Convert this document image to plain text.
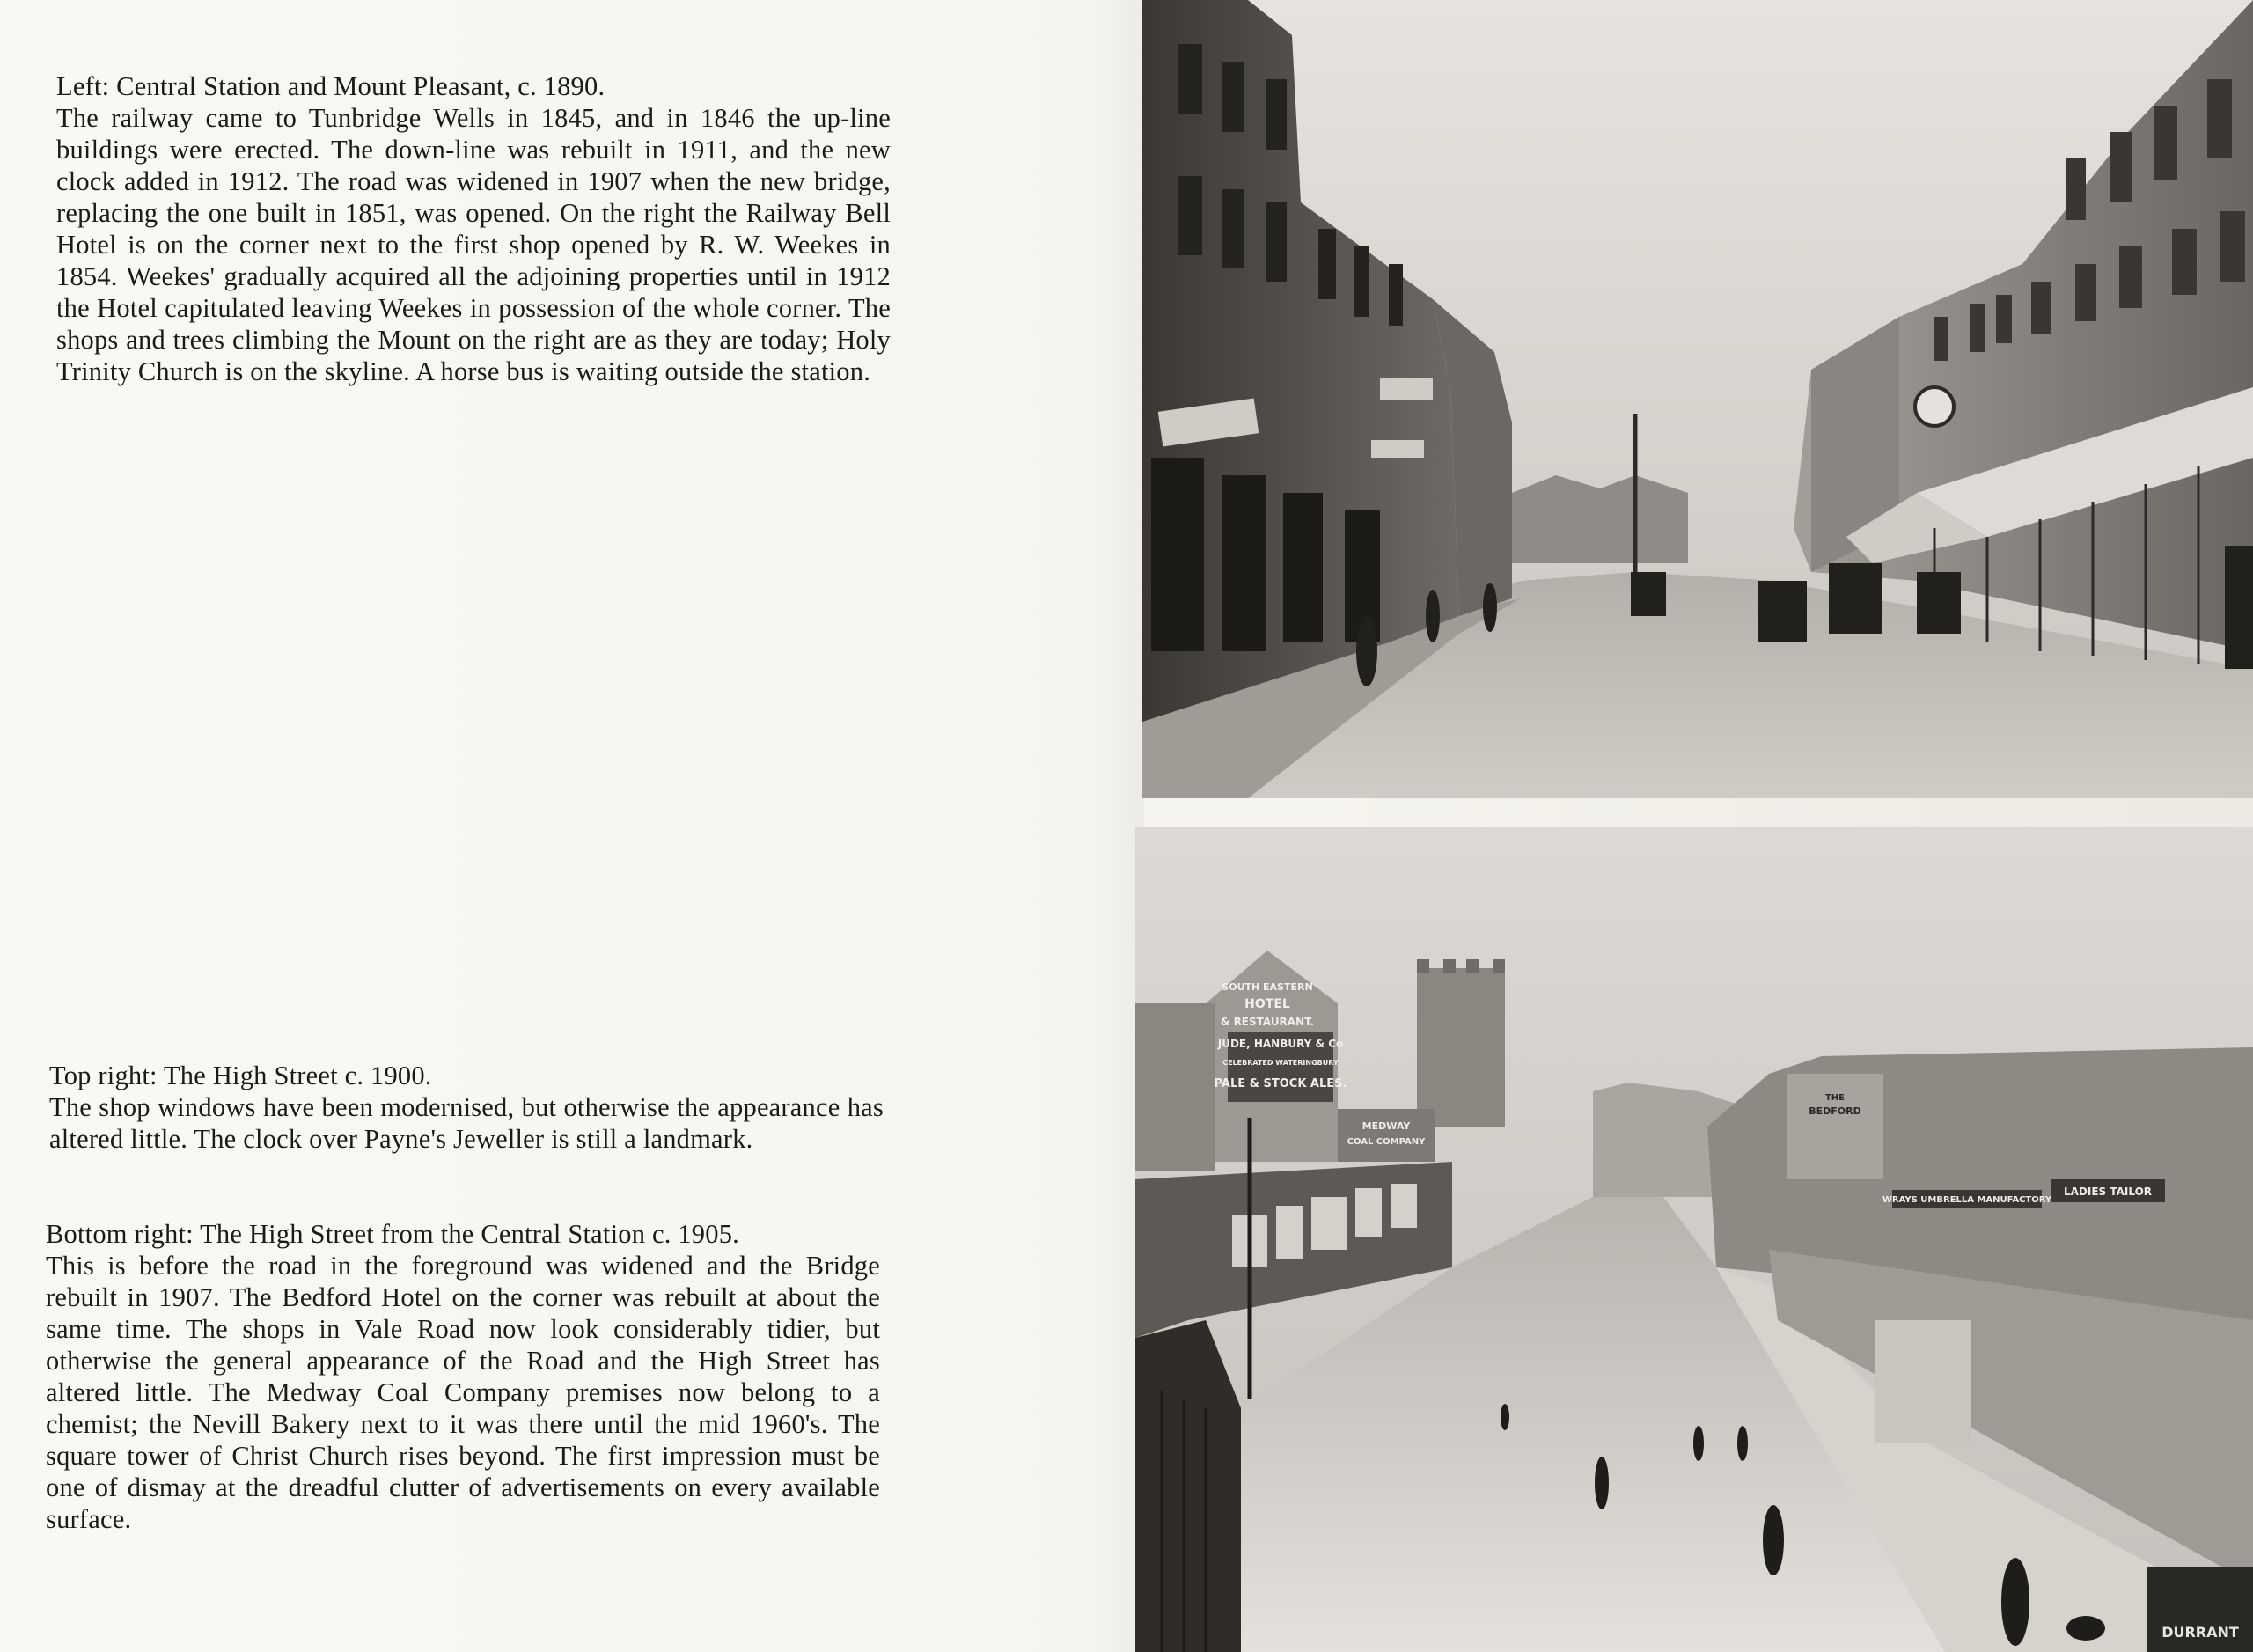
Left: Central Station and Mount Pleasant, c. 1890.
The railway came to Tunbridge Wells in 1845, and in 1846 the up-line buildings were erected. The down-line was rebuilt in 1911, and the new clock added in 1912. The road was widened in 1907 when the new bridge, replacing the one built in 1851, was opened. On the right the Railway Bell Hotel is on the corner next to the first shop opened by R. W. Weekes in 1854. Weekes' gradually acquired all the adjoining properties until in 1912 the Hotel capitulated leaving Weekes in possession of the whole corner. The shops and trees climbing the Mount on the right are as they are today; Holy Trinity Church is on the skyline. A horse bus is waiting outside the station.

Top right: The High Street c. 1900.
The shop windows have been modernised, but otherwise the appearance has altered little. The clock over Payne's Jeweller is still a landmark.

Bottom right: The High Street from the Central Station c. 1905.
This is before the road in the foreground was widened and the Bridge rebuilt in 1907. The Bedford Hotel on the corner was rebuilt at about the same time. The shops in Vale Road now look considerably tidier, but otherwise the general appearance of the Road and the High Street has altered little. The Medway Coal Company premises now belong to a chemist; the Nevill Bakery next to it was there until the mid 1960's. The square tower of Christ Church rises beyond. The first impression must be one of dismay at the dreadful clutter of advertisements on every available surface.

SOUTH EASTERN
HOTEL
& RESTAURANT.
JUDE, HANBURY & Co
CELEBRATED WATERINGBURY
PALE & STOCK ALES.
MEDWAY
COAL COMPANY
THE
BEDFORD
LADIES TAILOR
WRAYS UMBRELLA MANUFACTORY
DURRANT
